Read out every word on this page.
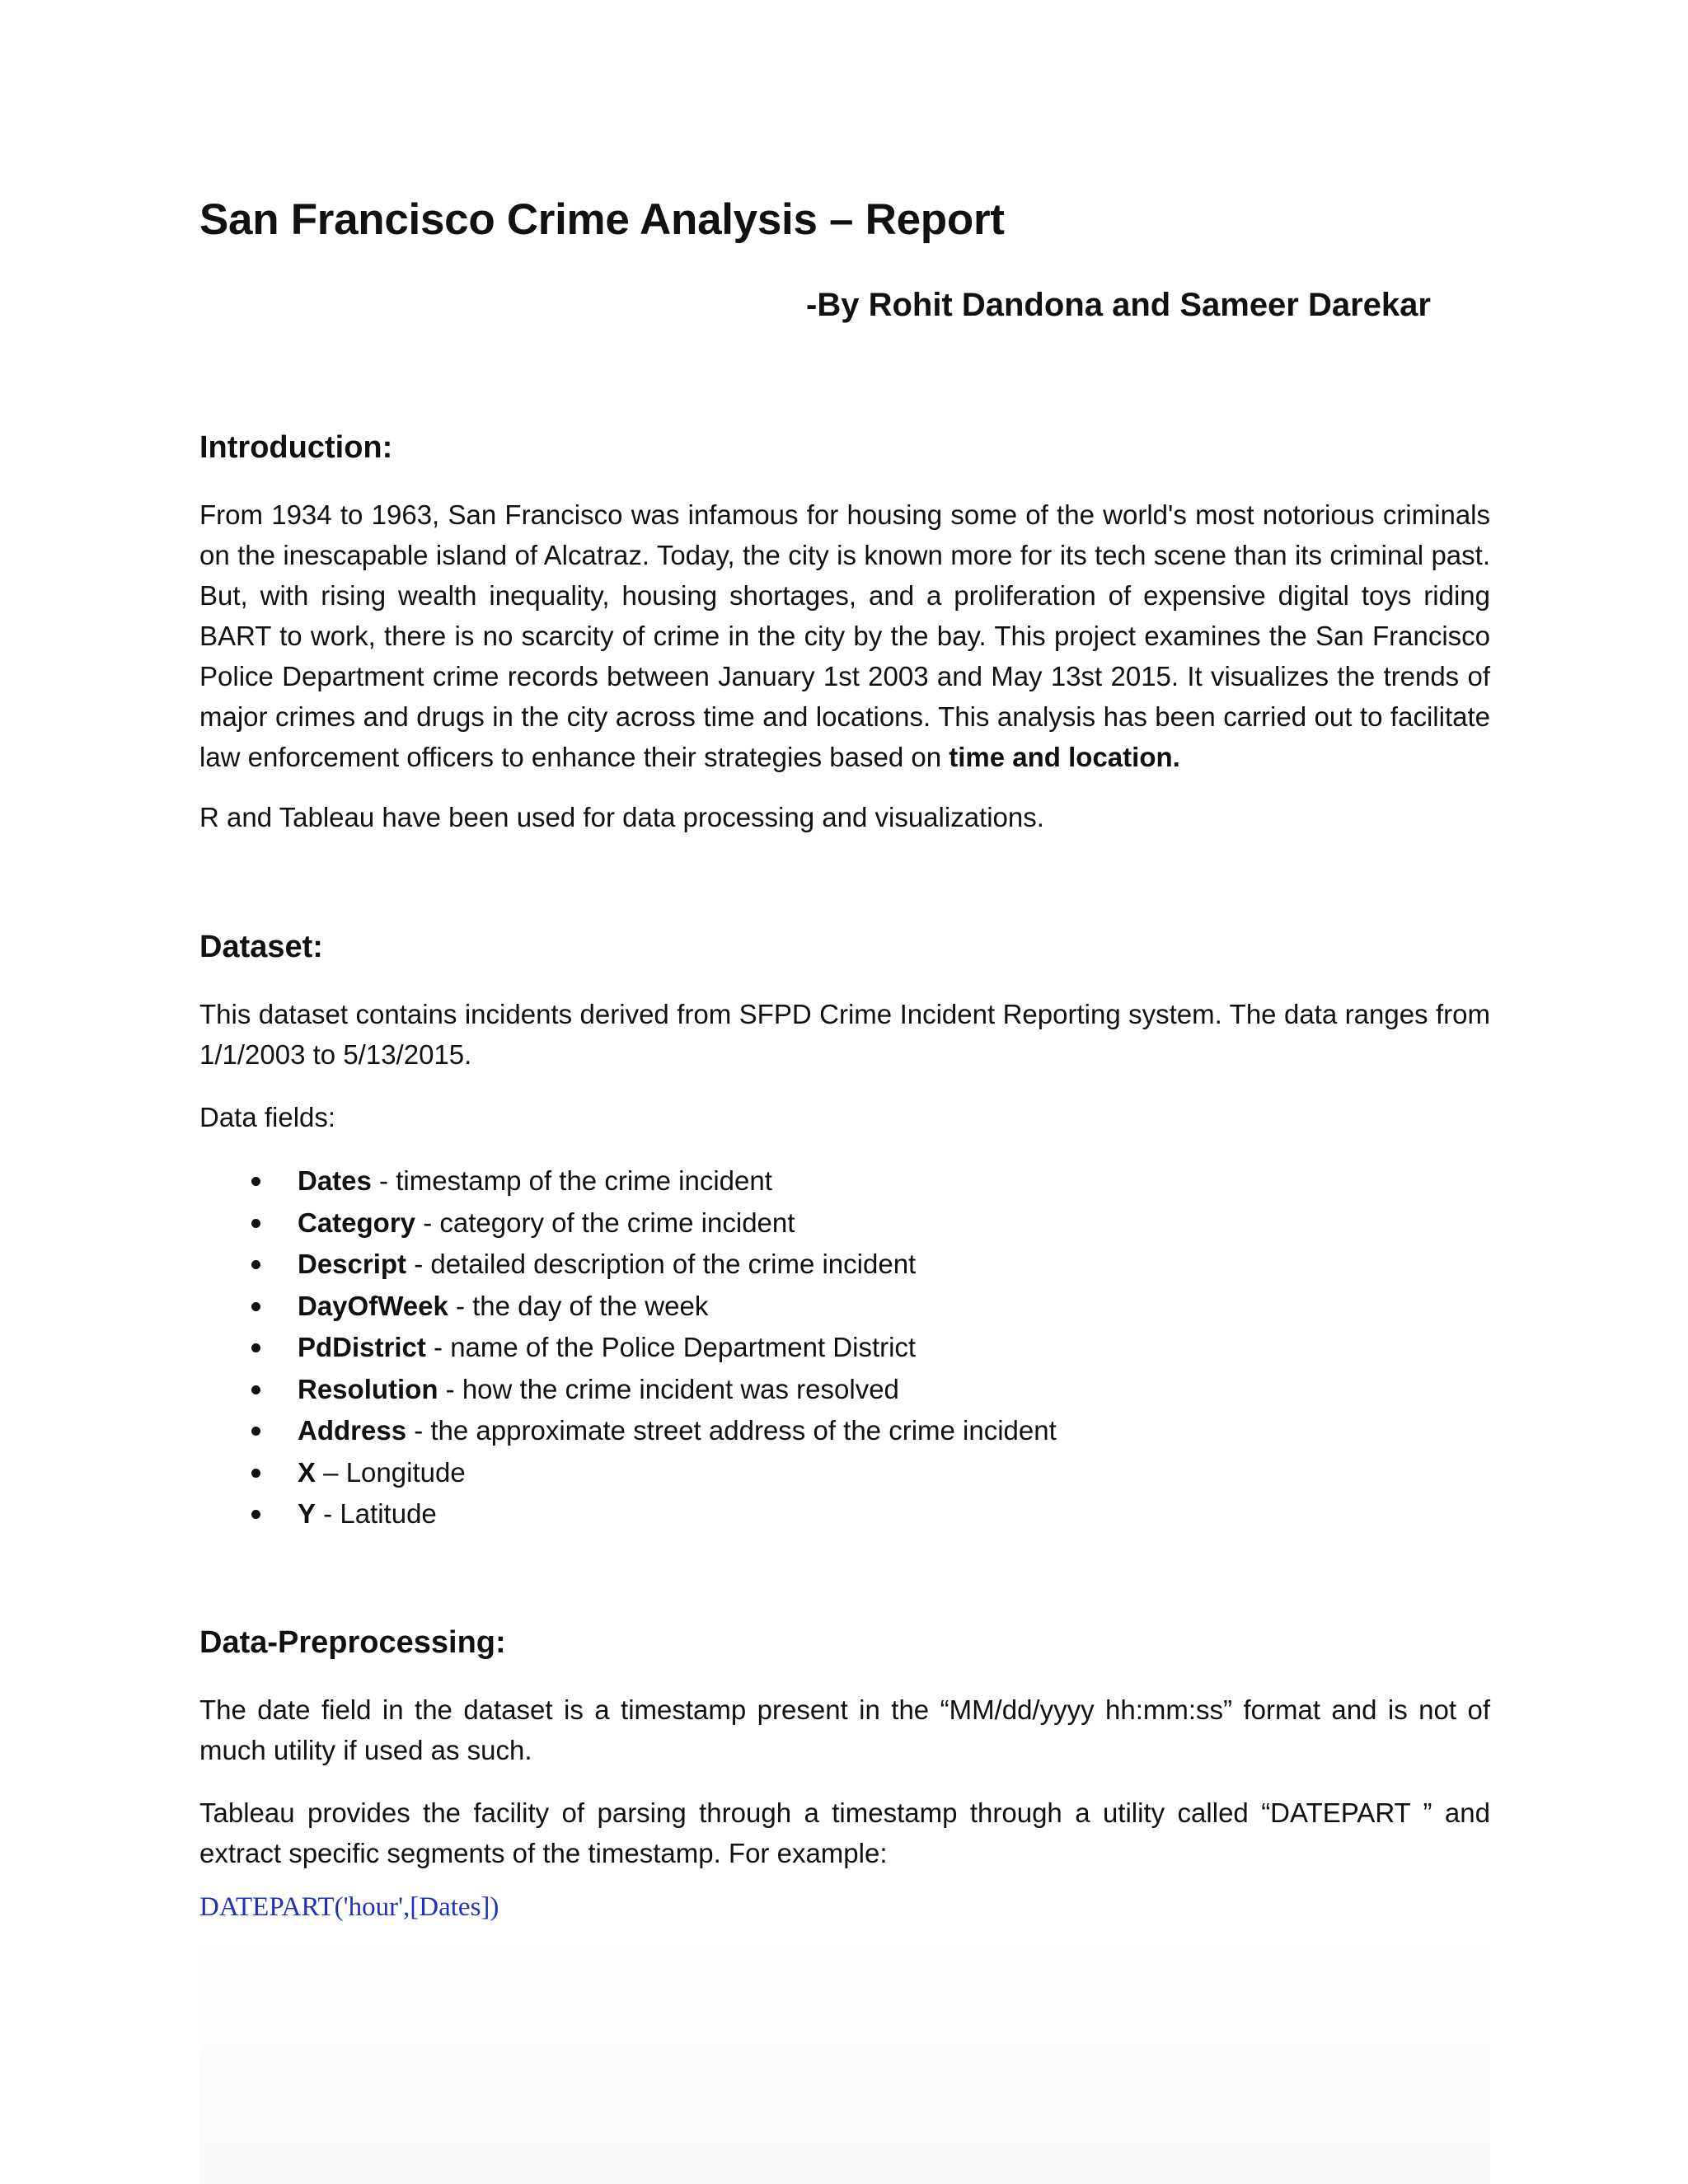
San Francisco Crime Analysis – Report

-By Rohit Dandona and Sameer Darekar

Introduction:

From 1934 to 1963, San Francisco was infamous for housing some of the world's most notorious criminals on the inescapable island of Alcatraz. Today, the city is known more for its tech scene than its criminal past. But, with rising wealth inequality, housing shortages, and a proliferation of expensive digital toys riding BART to work, there is no scarcity of crime in the city by the bay. This project examines the San Francisco Police Department crime records between January 1st 2003 and May 13st 2015. It visualizes the trends of major crimes and drugs in the city across time and locations. This analysis has been carried out to facilitate law enforcement officers to enhance their strategies based on time and location.

R and Tableau have been used for data processing and visualizations.

Dataset:

This dataset contains incidents derived from SFPD Crime Incident Reporting system. The data ranges from 1/1/2003 to 5/13/2015.

Data fields:

Dates - timestamp of the crime incident
Category - category of the crime incident
Descript - detailed description of the crime incident
DayOfWeek - the day of the week
PdDistrict - name of the Police Department District
Resolution - how the crime incident was resolved
Address - the approximate street address of the crime incident
X – Longitude
Y - Latitude
Data-Preprocessing:

The date field in the dataset is a timestamp present in the “MM/dd/yyyy hh:mm:ss” format and is not of much utility if used as such.

Tableau provides the facility of parsing through a timestamp through a utility called “DATEPART ” and extract specific segments of the timestamp. For example:

DATEPART('hour',[Dates])
